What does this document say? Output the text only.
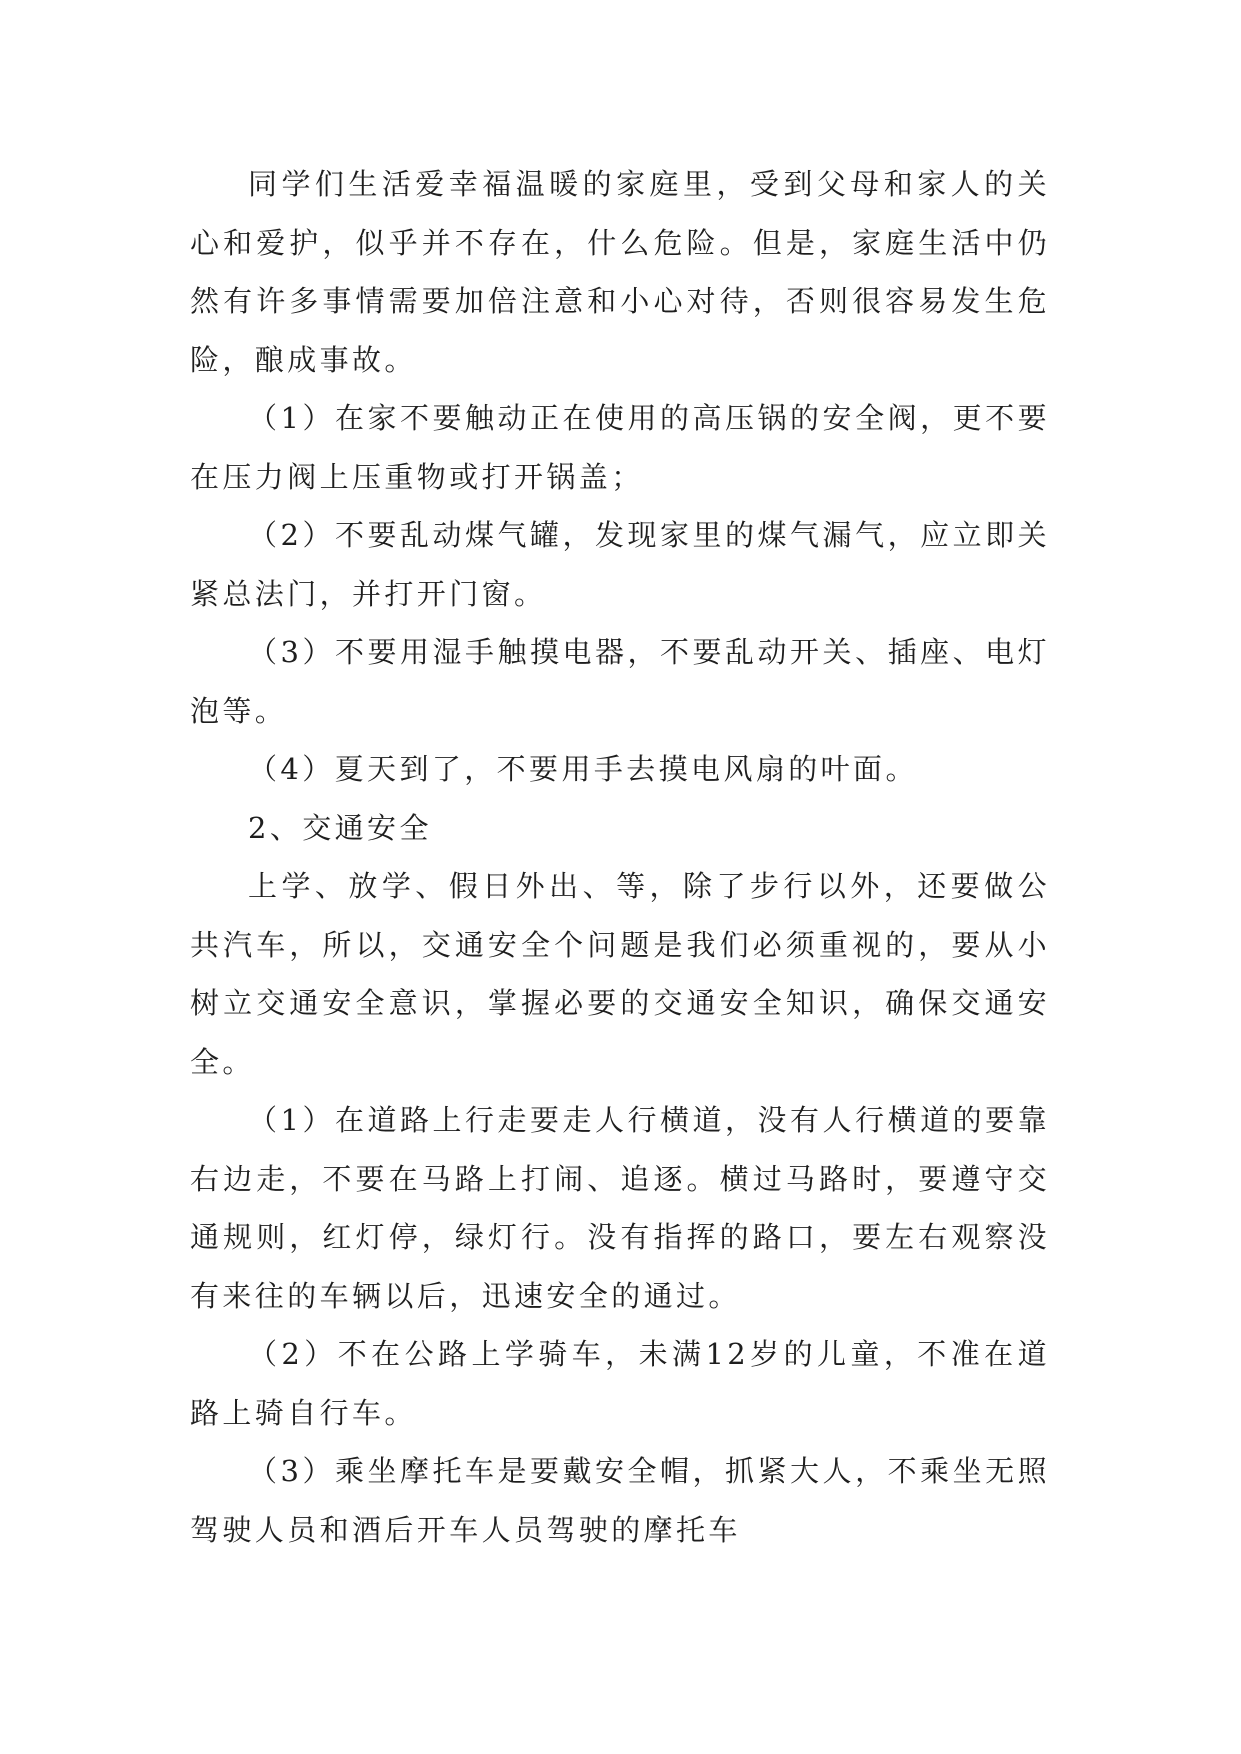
同学们生活爱幸福温暖的家庭里，受到父母和家人的关心和爱护，似乎并不存在，什么危险。但是，家庭生活中仍然有许多事情需要加倍注意和小心对待，否则很容易发生危险，酿成事故。

（1）在家不要触动正在使用的高压锅的安全阀，更不要在压力阀上压重物或打开锅盖；

（2）不要乱动煤气罐，发现家里的煤气漏气，应立即关紧总法门，并打开门窗。

（3）不要用湿手触摸电器，不要乱动开关、插座、电灯泡等。

（4）夏天到了，不要用手去摸电风扇的叶面。

2、交通安全

上学、放学、假日外出、等，除了步行以外，还要做公共汽车，所以，交通安全个问题是我们必须重视的，要从小树立交通安全意识，掌握必要的交通安全知识，确保交通安全。

（1）在道路上行走要走人行横道，没有人行横道的要靠右边走，不要在马路上打闹、追逐。横过马路时，要遵守交通规则，红灯停，绿灯行。没有指挥的路口，要左右观察没有来往的车辆以后，迅速安全的通过。

（2）不在公路上学骑车，未满12岁的儿童，不准在道路上骑自行车。

（3）乘坐摩托车是要戴安全帽，抓紧大人，不乘坐无照驾驶人员和酒后开车人员驾驶的摩托车
